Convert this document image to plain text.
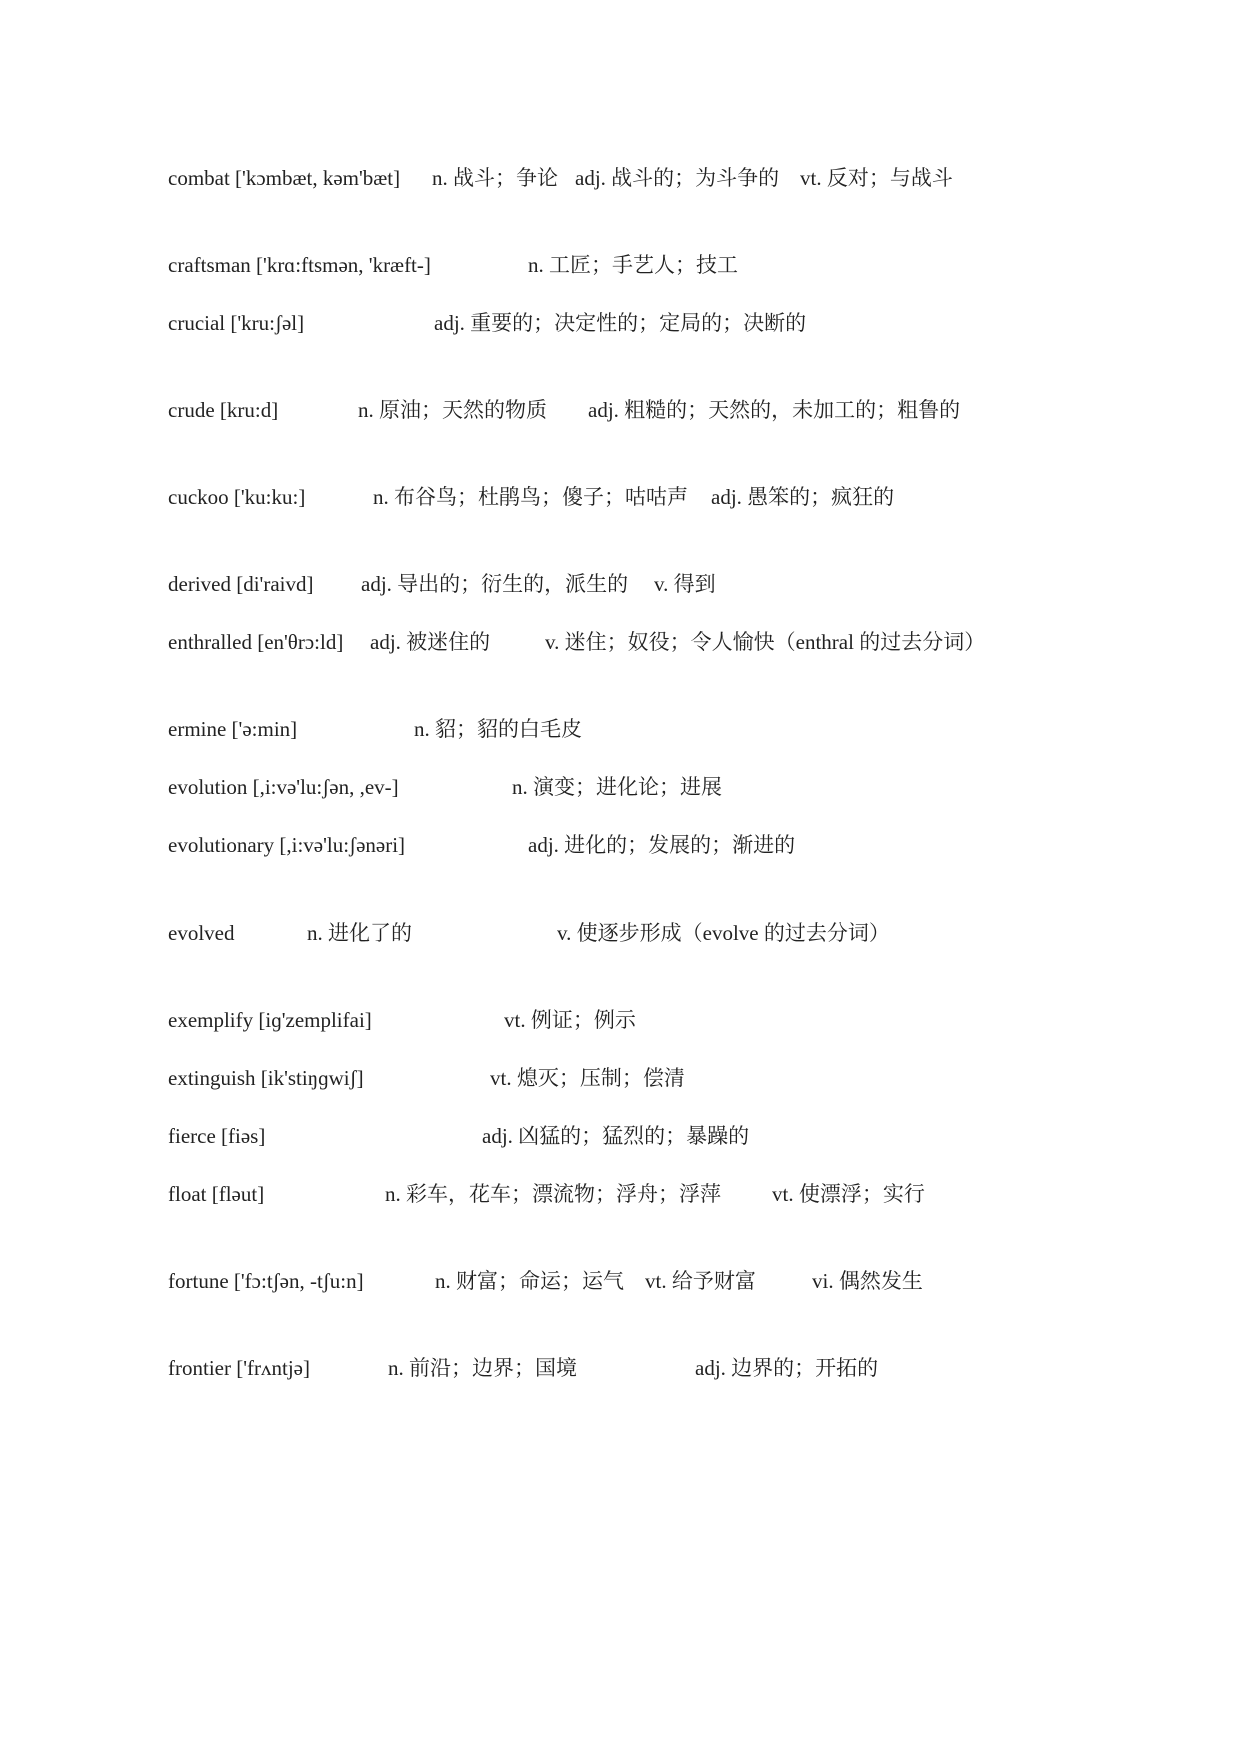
combat ['kɔmbæt, kəm'bæt] n. 战斗；争论 adj. 战斗的；为斗争的 vt. 反对；与战斗
craftsman ['krɑ:ftsmən, 'kræft-]	n. 工匠；手艺人；技工
crucial ['kru:ʃəl]	adj. 重要的；决定性的；定局的；决断的
crude [kru:d]	n. 原油；天然的物质 adj. 粗糙的；天然的，未加工的；粗鲁的
cuckoo ['ku:ku:]	n. 布谷鸟；杜鹃鸟；傻子；咕咕声 adj. 愚笨的；疯狂的
derived [di'raivd] adj. 导出的；衍生的，派生的 v. 得到
enthralled [en'θrɔ:ld] adj. 被迷住的	v. 迷住；奴役；令人愉快（enthral 的过去分词）
ermine ['ə:min]	n. 貂；貂的白毛皮
evolution [,i:və'lu:ʃən, ,ev-]	n. 演变；进化论；进展
evolutionary [,i:və'lu:ʃənəri]	adj. 进化的；发展的；渐进的
evolved	n. 进化了的	v. 使逐步形成（evolve 的过去分词）
exemplify [iɡ'zemplifai]	vt. 例证；例示
extinguish [ik'stiŋɡwiʃ]	vt. 熄灭；压制；偿清
fierce [fiəs]	adj. 凶猛的；猛烈的；暴躁的
float [fləut]	n. 彩车，花车；漂流物；浮舟；浮萍 vt. 使漂浮；实行
fortune ['fɔ:tʃən, -tʃu:n]	n. 财富；命运；运气 vt. 给予财富	vi. 偶然发生
frontier ['frʌntjə]	n. 前沿；边界；国境	adj. 边界的；开拓的
